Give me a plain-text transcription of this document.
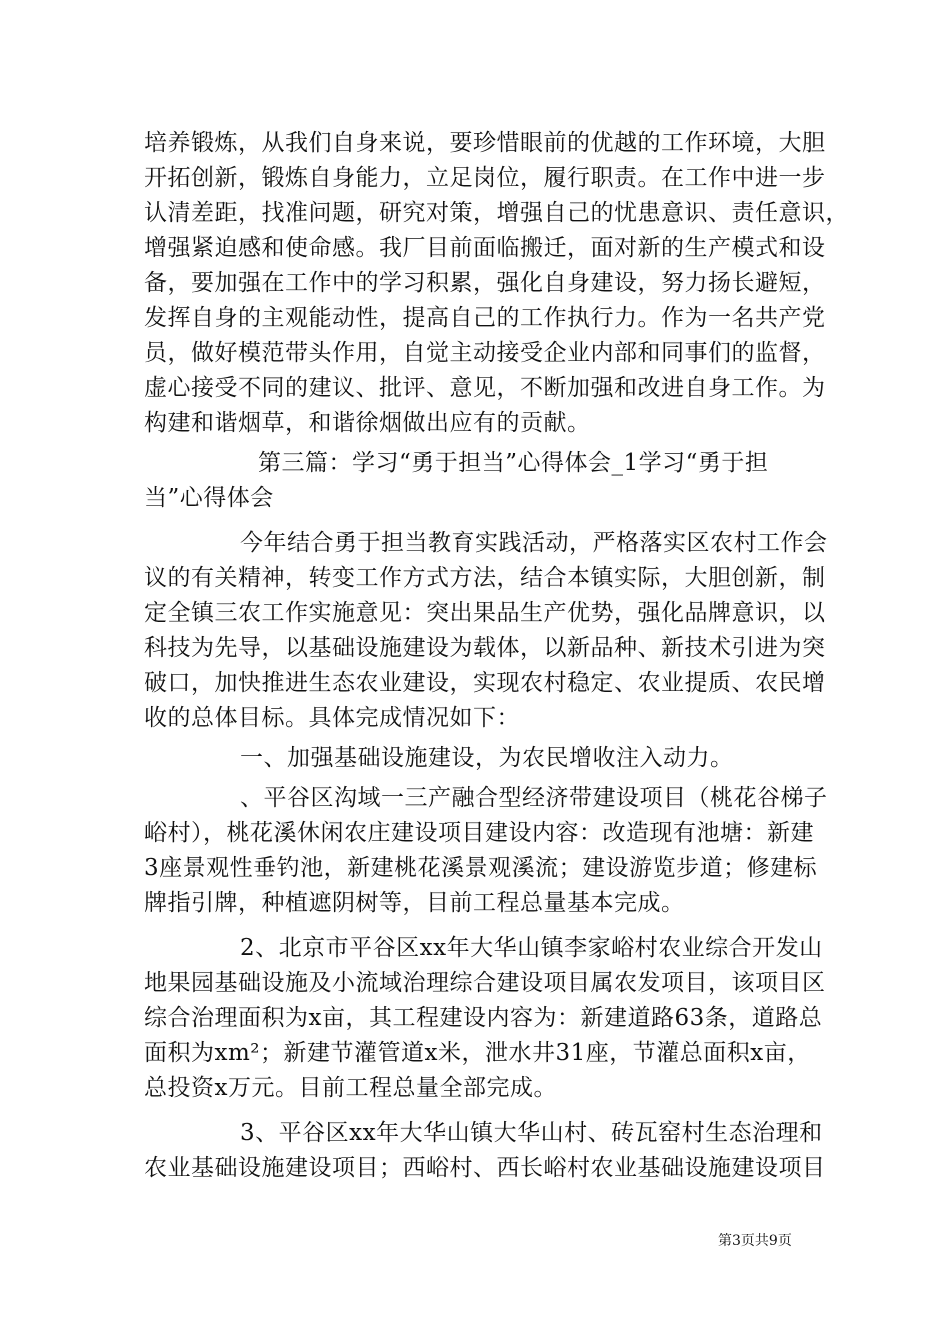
培养锻炼，从我们自身来说，要珍惜眼前的优越的工作环境，大胆
开拓创新，锻炼自身能力，立足岗位，履行职责。在工作中进一步
认清差距，找准问题，研究对策，增强自己的忧患意识、责任意识，
增强紧迫感和使命感。我厂目前面临搬迁，面对新的生产模式和设
备，要加强在工作中的学习积累，强化自身建设，努力扬长避短，
发挥自身的主观能动性，提高自己的工作执行力。作为一名共产党
员，做好模范带头作用，自觉主动接受企业内部和同事们的监督，
虚心接受不同的建议、批评、意见，不断加强和改进自身工作。为
构建和谐烟草，和谐徐烟做出应有的贡献。
第三篇：学习“勇于担当”心得体会_1学习“勇于担
当”心得体会
今年结合勇于担当教育实践活动，严格落实区农村工作会
议的有关精神，转变工作方式方法，结合本镇实际，大胆创新，制
定全镇三农工作实施意见：突出果品生产优势，强化品牌意识，以
科技为先导，以基础设施建设为载体，以新品种、新技术引进为突
破口，加快推进生态农业建设，实现农村稳定、农业提质、农民增
收的总体目标。具体完成情况如下：
一、加强基础设施建设，为农民增收注入动力。
、平谷区沟域一三产融合型经济带建设项目（桃花谷梯子
峪村），桃花溪休闲农庄建设项目建设内容：改造现有池塘：新建
3座景观性垂钓池，新建桃花溪景观溪流；建设游览步道；修建标
牌指引牌，种植遮阴树等，目前工程总量基本完成。
2、北京市平谷区xx年大华山镇李家峪村农业综合开发山
地果园基础设施及小流域治理综合建设项目属农发项目，该项目区
综合治理面积为x亩，其工程建设内容为：新建道路63条，道路总
面积为xm²；新建节灌管道x米，泄水井31座，节灌总面积x亩，
总投资x万元。目前工程总量全部完成。
3、平谷区xx年大华山镇大华山村、砖瓦窑村生态治理和
农业基础设施建设项目；西峪村、西长峪村农业基础设施建设项目
第3页共9页
